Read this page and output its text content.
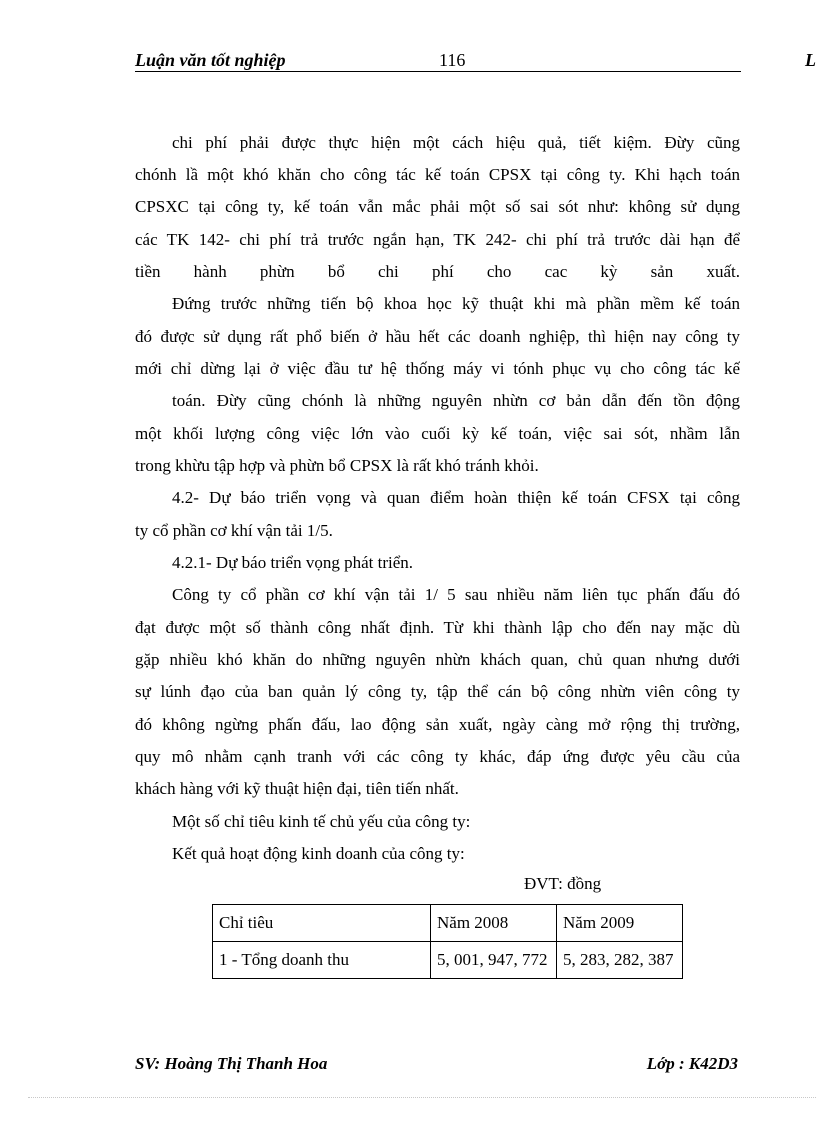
Luận văn tốt nghiệp	116	L
chi phí phải được thực hiện một cách hiệu quả, tiết kiệm. Đừy cũng
chónh lầ một khó khăn cho công tác kế toán CPSX tại công ty. Khi hạch toán
CPSXC tại công ty, kế toán vẫn mắc phải một số sai sót như: không sử dụng
các TK 142- chi phí trả trước ngắn hạn, TK 242- chi phí trả trước dài hạn để
tiền hành phừn bổ chi phí cho cac kỳ sản xuất.
Đứng trước những tiến bộ khoa học kỹ thuật khi mà phần mềm kế toán
đó được sử dụng rất phổ biến ở hầu hết các doanh nghiệp, thì hiện nay công ty
mới chỉ dừng lại ở việc đầu tư hệ thống máy vi tónh phục vụ cho công tác kế
toán. Đừy cũng chónh là những nguyên nhừn cơ bản dẫn đến tồn động
một khối lượng công việc lớn vào cuối kỳ kế toán, việc sai sót, nhầm lẫn
trong khừu tập hợp và phừn bổ CPSX là rất khó tránh khỏi.
4.2- Dự báo triển vọng và quan điểm hoàn thiện kế toán CFSX tại công
ty cổ phần cơ khí vận tải 1/5.
4.2.1- Dự báo triển vọng phát triển.
Công ty cổ phần cơ khí vận tải 1/ 5 sau nhiều năm liên tục phấn đấu đó
đạt được một số thành công nhất định. Từ khi thành lập cho đến nay mặc dù
gặp nhiều khó khăn do những nguyên nhừn khách quan, chủ quan nhưng dưới
sự lúnh đạo của ban quản lý công ty, tập thể cán bộ công nhừn viên công ty
đó không ngừng phấn đấu, lao động sản xuất, ngày càng mở rộng thị trường,
quy mô nhằm cạnh tranh với các công ty khác, đáp ứng được yêu cầu của
khách hàng với kỹ thuật hiện đại, tiên tiến nhất.
Một số chỉ tiêu kinh tế chủ yếu của công ty:
Kết quả hoạt động kinh doanh của công ty:
ĐVT: đồng
Chỉ tiêu	Năm 2008	Năm 2009
1 - Tổng doanh thu	5, 001, 947, 772	5, 283, 282, 387
SV: Hoàng Thị Thanh Hoa	Lớp : K42D3
